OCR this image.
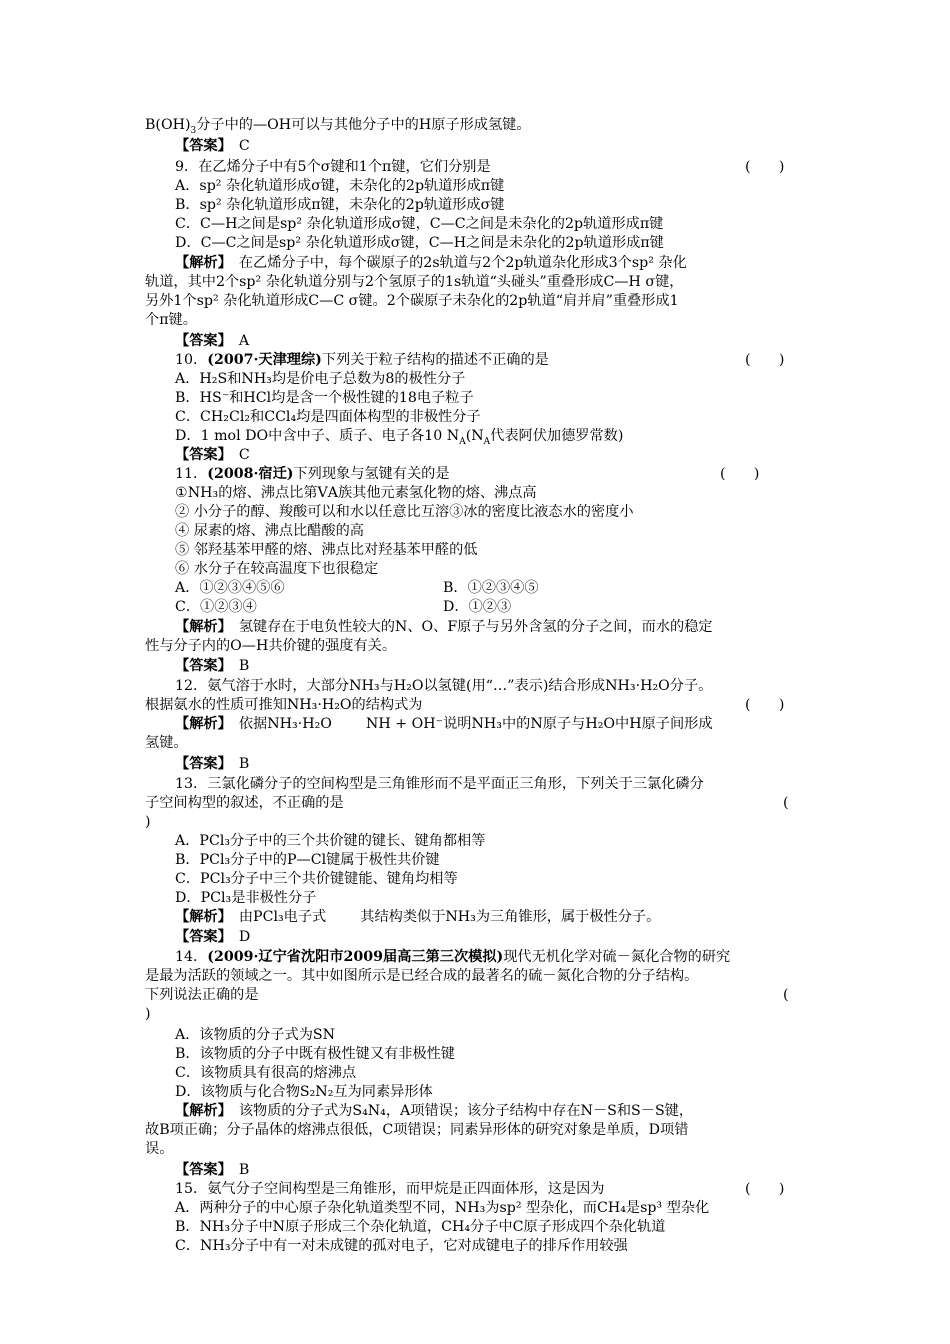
$B(OH)_3$分子中的—OH可以与其他分子中的H原子形成氢键。
【答案】　 C
9．在乙烯分子中有5个σ键和1个π键，它们分别是	(　　)
A．sp² 杂化轨道形成σ键，未杂化的2p轨道形成π键
B．sp² 杂化轨道形成π键，未杂化的2p轨道形成σ键
C．C—H之间是sp² 杂化轨道形成σ键，C—C之间是未杂化的2p轨道形成π键
D．C—C之间是sp² 杂化轨道形成σ键，C—H之间是未杂化的2p轨道形成π键
【解析】　 在乙烯分子中，每个碳原子的2s轨道与2个2p轨道杂化形成3个sp² 杂化
轨道，其中2个sp² 杂化轨道分别与2个氢原子的1s轨道“头碰头”重叠形成C—H σ键，
另外1个sp² 杂化轨道形成C—C σ键。2个碳原子未杂化的2p轨道“肩并肩”重叠形成1
个π键。
【答案】　 A
10．(2007·天津理综)下列关于粒子结构的描述不正确的是	(　　)
A．H₂S和NH₃均是价电子总数为8的极性分子
B．HS⁻和HCl均是含一个极性键的18电子粒子
C．CH₂Cl₂和CCl₄均是四面体构型的非极性分子
D．1 mol DO中含中子、质子、电子各10 $N_A(N_A$代表阿伏加德罗常数)
【答案】　 C
11．(2008·宿迁)下列现象与氢键有关的是	(　　)
①NH₃的熔、沸点比第ⅤA族其他元素氢化物的熔、沸点高
② 小分子的醇、羧酸可以和水以任意比互溶③冰的密度比液态水的密度小
④ 尿素的熔、沸点比醋酸的高
⑤ 邻羟基苯甲醛的熔、沸点比对羟基苯甲醛的低
⑥ 水分子在较高温度下也很稳定
A．①②③④⑤⑥	B．①②③④⑤
C．①②③④	D．①②③
【解析】　 氢键存在于电负性较大的N、O、F原子与另外含氢的分子之间，而水的稳定
性与分子内的O—H共价键的强度有关。
【答案】　 B
12．氨气溶于水时，大部分NH₃与H₂O以氢键(用“…”表示)结合形成NH₃·H₂O分子。
根据氨水的性质可推知NH₃·H₂O的结构式为	(　　)
【解析】　 依据NH₃·H₂O NH + OH⁻说明NH₃中的N原子与H₂O中H原子间形成
氢键。
【答案】　 B
13．三氯化磷分子的空间构型是三角锥形而不是平面正三角形，下列关于三氯化磷分
子空间构型的叙述，不正确的是	(
)
A．PCl₃分子中的三个共价键的键长、键角都相等
B．PCl₃分子中的P—Cl键属于极性共价键
C．PCl₃分子中三个共价键键能、键角均相等
D．PCl₃是非极性分子
【解析】　 由PCl₃电子式 其结构类似于NH₃为三角锥形，属于极性分子。
【答案】　 D
14．(2009·辽宁省沈阳市2009届高三第三次模拟)现代无机化学对硫－氮化合物的研究
是最为活跃的领域之一。其中如图所示是已经合成的最著名的硫－氮化合物的分子结构。
下列说法正确的是	(
)
A．该物质的分子式为SN
B．该物质的分子中既有极性键又有非极性键
C．该物质具有很高的熔沸点
D．该物质与化合物S₂N₂互为同素异形体
【解析】　 该物质的分子式为S₄N₄，A项错误；该分子结构中存在N－S和S－S键，
故B项正确；分子晶体的熔沸点很低，C项错误；同素异形体的研究对象是单质，D项错
误。
【答案】　 B
15．氨气分子空间构型是三角锥形，而甲烷是正四面体形，这是因为	(　　)
A．两种分子的中心原子杂化轨道类型不同，NH₃为sp² 型杂化，而CH₄是sp³ 型杂化
B．NH₃分子中N原子形成三个杂化轨道，CH₄分子中C原子形成四个杂化轨道
C．NH₃分子中有一对未成键的孤对电子，它对成键电子的排斥作用较强
